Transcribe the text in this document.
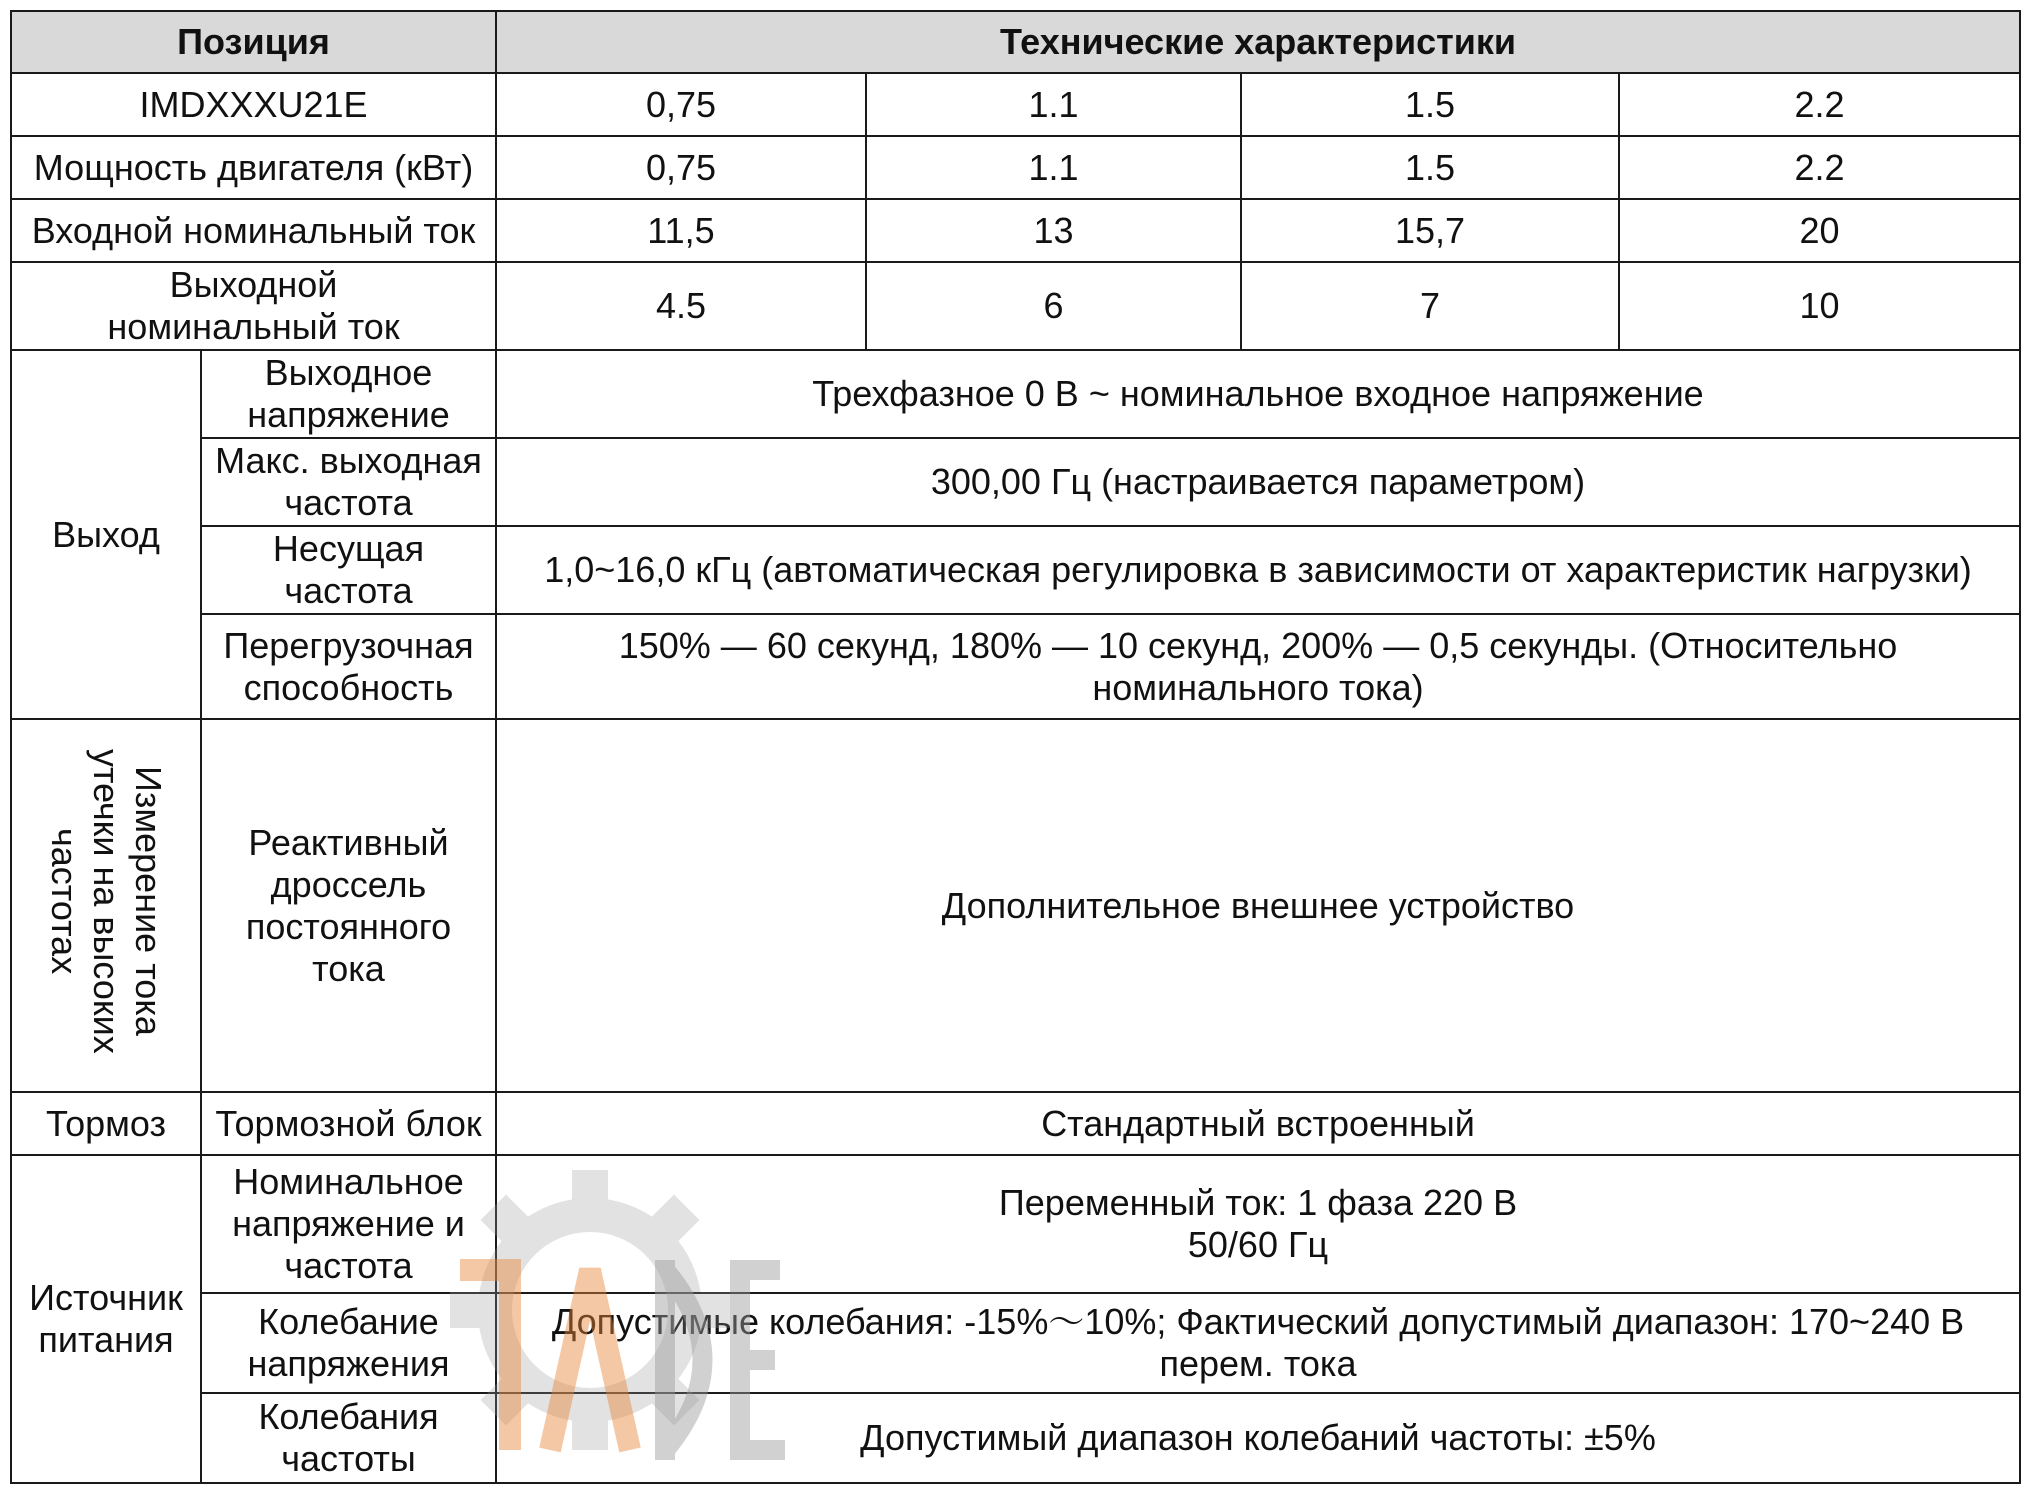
Позиция		Технические характеристики			
IMDXXXU21E		0,75	1.1	1.5	2.2
Мощность двигателя (кВт)		0,75	1.1	1.5	2.2
Входной номинальный ток		11,5	13	15,7	20
Выходной номинальный ток		4.5	6	7	10
Выход	Выходное напряжение	Трехфазное 0 В ~ номинальное входное напряжение			
	Макс. выходная частота	300,00 Гц (настраивается параметром)			
	Несущая частота	1,0~16,0 кГц (автоматическая регулировка в зависимости от характеристик нагрузки)			
	Перегрузочная способность	150% — 60 секунд, 180% — 10 секунд, 200% — 0,5 секунды. (Относительно номинального тока)			
Измерение тока утечки на высоких частотах	Реактивный дроссель постоянного тока	Дополнительное внешнее устройство			
Тормоз	Тормозной блок	Стандартный встроенный			
Источник питания	Номинальное напряжение и частота	Переменный ток: 1 фаза 220 В
50/60 Гц			

	Колебание напряжения	Допустимые колебания: -15%～10%; Фактический допустимый диапазон: 170~240 В перем. тока			
	Колебания частоты	Допустимый диапазон колебаний частоты: ±5%			
